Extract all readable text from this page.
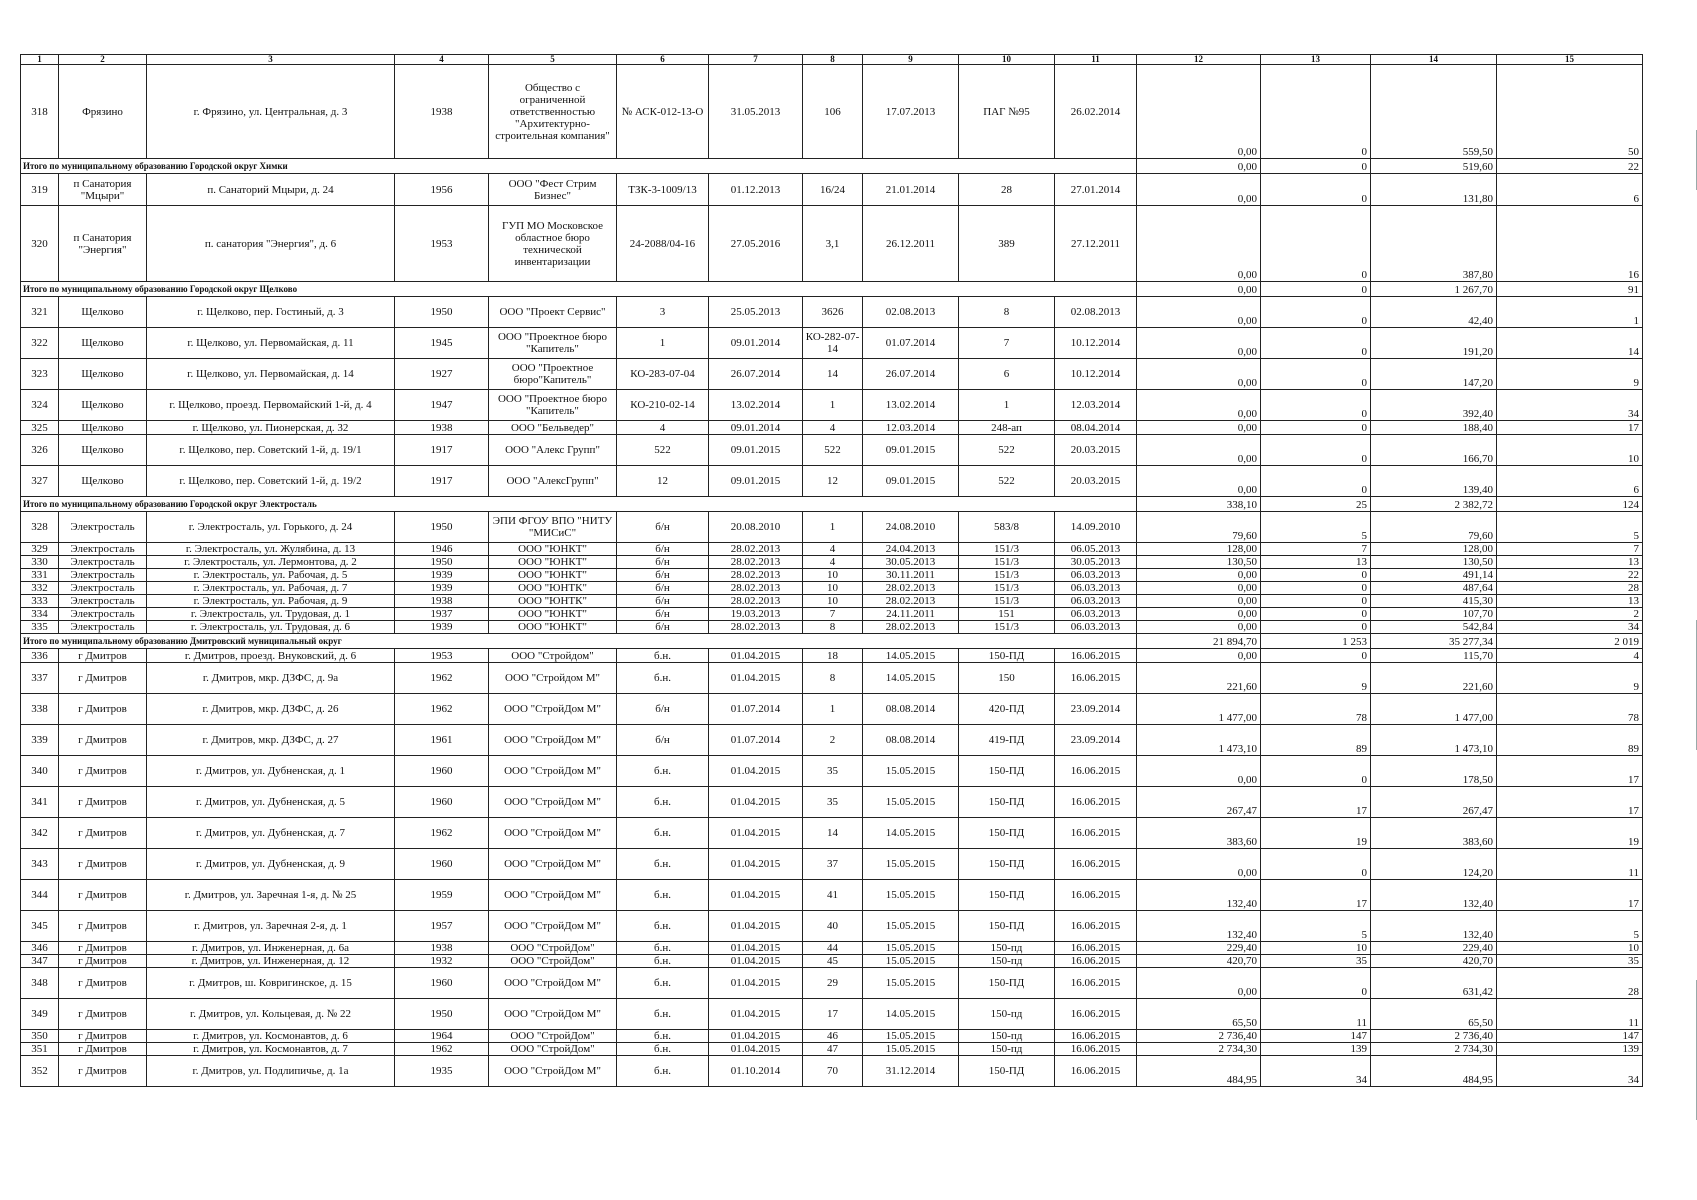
1	2	3	4	5	6	7	8	9	10	11	12	13	14	15
318	Фрязино	г. Фрязино, ул. Центральная, д. 3	1938	Общество с ограниченной ответственностью "Архитектурно-строительная компания"	№ АСК-012-13-О	31.05.2013	106	17.07.2013	ПАГ №95	26.02.2014	0,00	0	559,50	50
Итого по муниципальному образованию Городской округ Химки											0,00	0	519,60	22
319	п Санатория "Мцыри"	п. Санаторий Мцыри, д. 24	1956	ООО "Фест Стрим Бизнес"	ТЗК-3-1009/13	01.12.2013	16/24	21.01.2014	28	27.01.2014	0,00	0	131,80	6
320	п Санатория "Энергия"	п. санатория "Энергия", д. 6	1953	ГУП МО Московское областное бюро технической инвентаризации	24-2088/04-16	27.05.2016	3,1	26.12.2011	389	27.12.2011	0,00	0	387,80	16
Итого по муниципальному образованию Городской округ Щелково											0,00	0	1 267,70	91
321	Щелково	г. Щелково, пер. Гостиный, д. 3	1950	ООО "Проект Сервис"	3	25.05.2013	3626	02.08.2013	8	02.08.2013	0,00	0	42,40	1
322	Щелково	г. Щелково, ул. Первомайская, д. 11	1945	ООО "Проектное бюро "Капитель"	1	09.01.2014	КО-282-07-14	01.07.2014	7	10.12.2014	0,00	0	191,20	14
323	Щелково	г. Щелково, ул. Первомайская, д. 14	1927	ООО "Проектное бюро"Капитель"	КО-283-07-04	26.07.2014	14	26.07.2014	6	10.12.2014	0,00	0	147,20	9
324	Щелково	г. Щелково, проезд. Первомайский 1-й, д. 4	1947	ООО "Проектное бюро "Капитель"	КО-210-02-14	13.02.2014	1	13.02.2014	1	12.03.2014	0,00	0	392,40	34
325	Щелково	г. Щелково, ул. Пионерская, д. 32	1938	ООО "Бельведер"	4	09.01.2014	4	12.03.2014	248-ап	08.04.2014	0,00	0	188,40	17
326	Щелково	г. Щелково, пер. Советский 1-й, д. 19/1	1917	ООО "Алекс Групп"	522	09.01.2015	522	09.01.2015	522	20.03.2015	0,00	0	166,70	10
327	Щелково	г. Щелково, пер. Советский 1-й, д. 19/2	1917	ООО "АлексГрупп"	12	09.01.2015	12	09.01.2015	522	20.03.2015	0,00	0	139,40	6
Итого по муниципальному образованию Городской округ Электросталь											338,10	25	2 382,72	124
328	Электросталь	г. Электросталь, ул. Горького, д. 24	1950	ЭПИ ФГОУ ВПО "НИТУ "МИСиС"	б/н	20.08.2010	1	24.08.2010	583/8	14.09.2010	79,60	5	79,60	5
329	Электросталь	г. Электросталь, ул. Жулябина, д. 13	1946	ООО "ЮНКТ"	б/н	28.02.2013	4	24.04.2013	151/3	06.05.2013	128,00	7	128,00	7
330	Электросталь	г. Электросталь, ул. Лермонтова, д. 2	1950	ООО "ЮНКТ"	б/н	28.02.2013	4	30.05.2013	151/3	30.05.2013	130,50	13	130,50	13
331	Электросталь	г. Электросталь, ул. Рабочая, д. 5	1939	ООО "ЮНКТ"	б/н	28.02.2013	10	30.11.2011	151/3	06.03.2013	0,00	0	491,14	22
332	Электросталь	г. Электросталь, ул. Рабочая, д. 7	1939	ООО "ЮНТК"	б/н	28.02.2013	10	28.02.2013	151/3	06.03.2013	0,00	0	487,64	28
333	Электросталь	г. Электросталь, ул. Рабочая, д. 9	1938	ООО "ЮНТК"	б/н	28.02.2013	10	28.02.2013	151/3	06.03.2013	0,00	0	415,30	13
334	Электросталь	г. Электросталь, ул. Трудовая, д. 1	1937	ООО "ЮНКТ"	б/н	19.03.2013	7	24.11.2011	151	06.03.2013	0,00	0	107,70	2
335	Электросталь	г. Электросталь, ул. Трудовая, д. 6	1939	ООО "ЮНКТ"	б/н	28.02.2013	8	28.02.2013	151/3	06.03.2013	0,00	0	542,84	34
Итого по муниципальному образованию Дмитровский муниципальный округ											21 894,70	1 253	35 277,34	2 019
336	г Дмитров	г. Дмитров, проезд. Внуковский, д. 6	1953	ООО "Стройдом"	б.н.	01.04.2015	18	14.05.2015	150-ПД	16.06.2015	0,00	0	115,70	4
337	г Дмитров	г. Дмитров, мкр. ДЗФС, д. 9а	1962	ООО "Стройдом М"	б.н.	01.04.2015	8	14.05.2015	150	16.06.2015	221,60	9	221,60	9
338	г Дмитров	г. Дмитров, мкр. ДЗФС, д. 26	1962	ООО "СтройДом М"	б/н	01.07.2014	1	08.08.2014	420-ПД	23.09.2014	1 477,00	78	1 477,00	78
339	г Дмитров	г. Дмитров, мкр. ДЗФС, д. 27	1961	ООО "СтройДом М"	б/н	01.07.2014	2	08.08.2014	419-ПД	23.09.2014	1 473,10	89	1 473,10	89
340	г Дмитров	г. Дмитров, ул. Дубненская, д. 1	1960	ООО "СтройДом М"	б.н.	01.04.2015	35	15.05.2015	150-ПД	16.06.2015	0,00	0	178,50	17
341	г Дмитров	г. Дмитров, ул. Дубненская, д. 5	1960	ООО "СтройДом М"	б.н.	01.04.2015	35	15.05.2015	150-ПД	16.06.2015	267,47	17	267,47	17
342	г Дмитров	г. Дмитров, ул. Дубненская, д. 7	1962	ООО "СтройДом М"	б.н.	01.04.2015	14	14.05.2015	150-ПД	16.06.2015	383,60	19	383,60	19
343	г Дмитров	г. Дмитров, ул. Дубненская, д. 9	1960	ООО "СтройДом М"	б.н.	01.04.2015	37	15.05.2015	150-ПД	16.06.2015	0,00	0	124,20	11
344	г Дмитров	г. Дмитров, ул. Заречная 1-я, д. № 25	1959	ООО "СтройДом М"	б.н.	01.04.2015	41	15.05.2015	150-ПД	16.06.2015	132,40	17	132,40	17
345	г Дмитров	г. Дмитров, ул. Заречная 2-я, д. 1	1957	ООО "СтройДом М"	б.н.	01.04.2015	40	15.05.2015	150-ПД	16.06.2015	132,40	5	132,40	5
346	г Дмитров	г. Дмитров, ул. Инженерная, д. 6а	1938	ООО "СтройДом"	б.н.	01.04.2015	44	15.05.2015	150-пд	16.06.2015	229,40	10	229,40	10
347	г Дмитров	г. Дмитров, ул. Инженерная, д. 12	1932	ООО "СтройДом"	б.н.	01.04.2015	45	15.05.2015	150-пд	16.06.2015	420,70	35	420,70	35
348	г Дмитров	г. Дмитров, ш. Ковригинское, д. 15	1960	ООО "СтройДом М"	б.н.	01.04.2015	29	15.05.2015	150-ПД	16.06.2015	0,00	0	631,42	28
349	г Дмитров	г. Дмитров, ул. Кольцевая, д. № 22	1950	ООО "СтройДом М"	б.н.	01.04.2015	17	14.05.2015	150-пд	16.06.2015	65,50	11	65,50	11
350	г Дмитров	г. Дмитров, ул. Космонавтов, д. 6	1964	ООО "СтройДом"	б.н.	01.04.2015	46	15.05.2015	150-пд	16.06.2015	2 736,40	147	2 736,40	147
351	г Дмитров	г. Дмитров, ул. Космонавтов, д. 7	1962	ООО "СтройДом"	б.н.	01.04.2015	47	15.05.2015	150-пд	16.06.2015	2 734,30	139	2 734,30	139
352	г Дмитров	г. Дмитров, ул. Подлипичье, д. 1а	1935	ООО "СтройДом М"	б.н.	01.10.2014	70	31.12.2014	150-ПД	16.06.2015	484,95	34	484,95	34
